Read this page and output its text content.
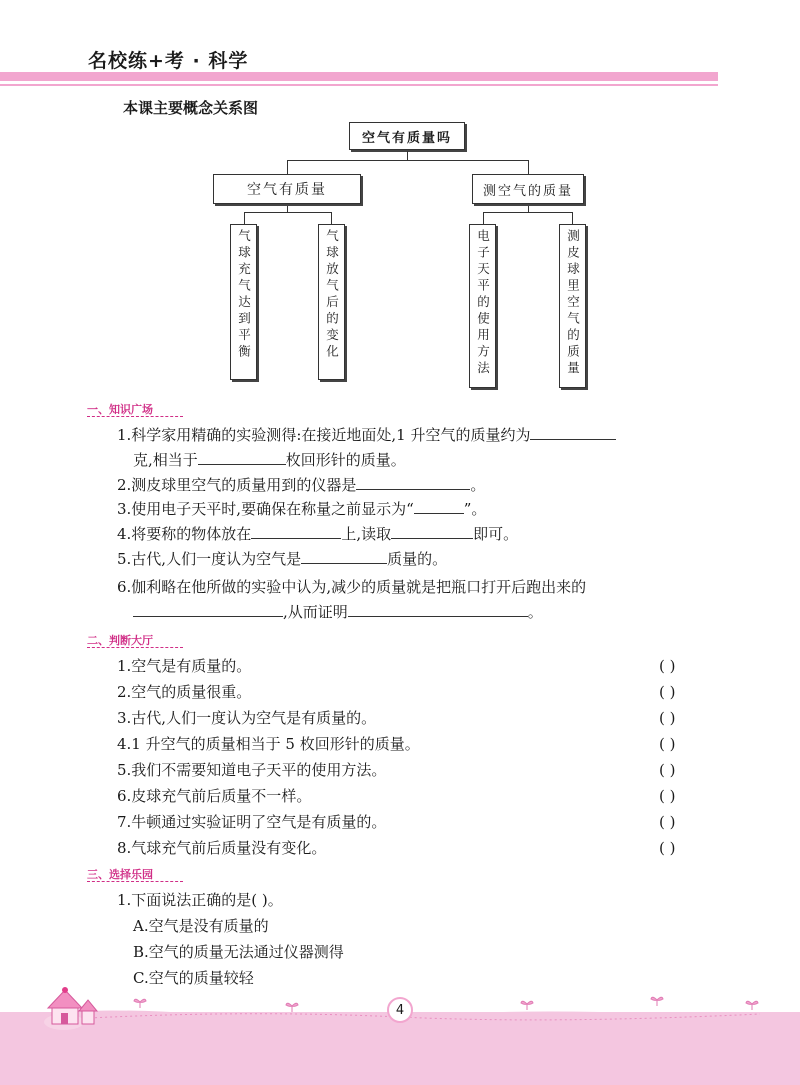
名校练+考 · 科学
本课主要概念关系图
空气有质量吗
空气有质量	测空气的质量
气球充气达到平衡	气球放气后的变化	电子天平的使用方法	测皮球里空气的质量
一、知识广场
1.科学家用精确的实验测得:在接近地面处,1 升空气的质量约为
克,相当于	枚回形针的质量。
2.测皮球里空气的质量用到的仪器是	。
3.使用电子天平时,要确保在称量之前显示为“	”。
4.将要称的物体放在	上,读取	即可。
5.古代,人们一度认为空气是	质量的。
6.伽利略在他所做的实验中认为,减少的质量就是把瓶口打开后跑出来的
,从而证明	。
二、判断大厅
1.空气是有质量的。	( )
2.空气的质量很重。	( )
3.古代,人们一度认为空气是有质量的。	( )
4.1 升空气的质量相当于 5 枚回形针的质量。	( )
5.我们不需要知道电子天平的使用方法。	( )
6.皮球充气前后质量不一样。	( )
7.牛顿通过实验证明了空气是有质量的。	( )
8.气球充气前后质量没有变化。	( )
三、选择乐园
1.下面说法正确的是( )。
A.空气是没有质量的
B.空气的质量无法通过仪器测得
C.空气的质量较轻
4
